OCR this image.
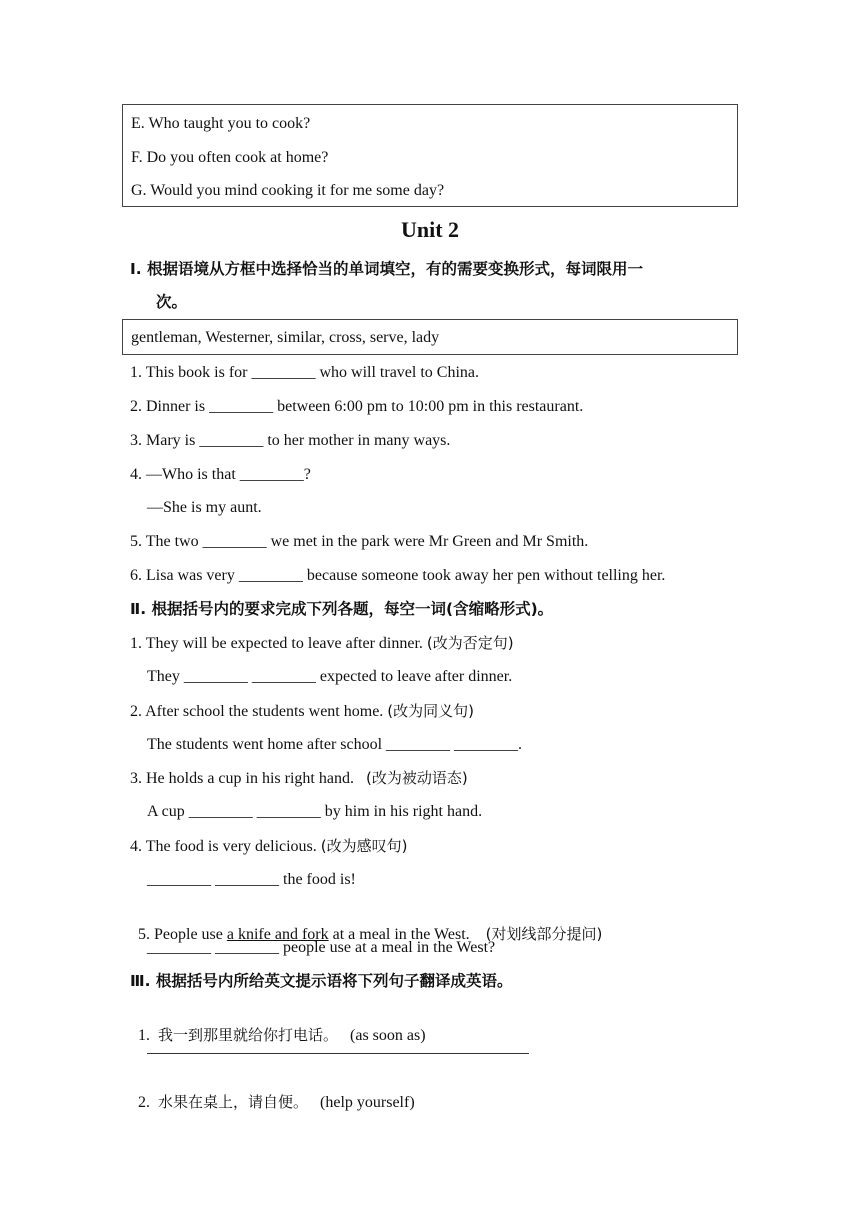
E. Who taught you to cook?
F. Do you often cook at home?
G. Would you mind cooking it for me some day?
Unit 2
Ⅰ. 根据语境从方框中选择恰当的单词填空，有的需要变换形式，每词限用一
次。
gentleman, Westerner, similar, cross, serve, lady
1. This book is for ________ who will travel to China.
2. Dinner is ________ between 6:00 pm to 10:00 pm in this restaurant.
3. Mary is ________ to her mother in many ways.
4. —Who is that ________?
—She is my aunt.
5. The two ________ we met in the park were Mr Green and Mr Smith.
6. Lisa was very ________ because someone took away her pen without telling her.
Ⅱ. 根据括号内的要求完成下列各题，每空一词(含缩略形式)。
1. They will be expected to leave after dinner. (改为否定句)
They ________ ________ expected to leave after dinner.
2. After school the students went home. (改为同义句)
The students went home after school ________ ________.
3. He holds a cup in his right hand.   (改为被动语态)
A cup ________ ________ by him in his right hand.
4. The food is very delicious. (改为感叹句)
________ ________ the food is!

5. People use a knife and fork at a meal in the West.    (对划线部分提问)

________ ________ people use at a meal in the West?
Ⅲ. 根据括号内所给英文提示语将下列句子翻译成英语。

1.  我一到那里就给你打电话。   (as soon as)

2.  水果在桌上，请自便。   (help yourself)
